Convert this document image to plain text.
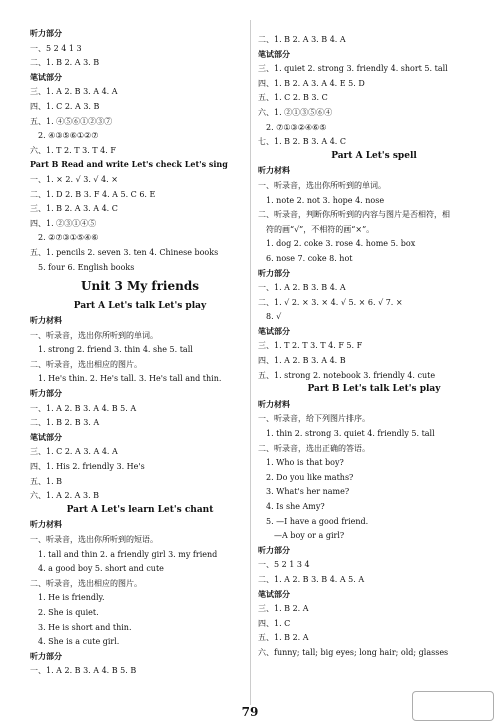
听力部分
一、5 2 4 1 3
二、1. B 2. A 3. B
笔试部分
三、1. A 2. B 3. A 4. A
四、1. C 2. A 3. B
五、1. ④⑤⑥①②③⑦
2. ④③⑤⑥①②⑦
六、1. T 2. T 3. T 4. F
Part B Read and write Let's check Let's sing
一、1. × 2. √ 3. √ 4. ×
二、1. D 2. B 3. F 4. A 5. C 6. E
三、1. B 2. A 3. A 4. C
四、1. ②③①④⑤
2. ②⑦③①⑤④⑥
五、1. pencils 2. seven 3. ten 4. Chinese books
5. four 6. English books
Unit 3 My friends
Part A Let's talk Let's play
听力材料
一、听录音，选出你所听到的单词。
1. strong 2. friend 3. thin 4. she 5. tall
二、听录音，选出相应的图片。
1. He's thin. 2. He's tall. 3. He's tall and thin.
听力部分
一、1. A 2. B 3. A 4. B 5. A
二、1. B 2. B 3. A
笔试部分
三、1. C 2. A 3. A 4. A
四、1. His 2. friendly 3. He's
五、1. B
六、1. A 2. A 3. B
Part A Let's learn Let's chant
听力材料
一、听录音，选出你所听到的短语。
1. tall and thin 2. a friendly girl 3. my friend
4. a good boy 5. short and cute
二、听录音，选出相应的图片。
1. He is friendly.
2. She is quiet.
3. He is short and thin.
4. She is a cute girl.
听力部分
一、1. A 2. B 3. A 4. B 5. B
二、1. B 2. A 3. B 4. A
笔试部分
三、1. quiet 2. strong 3. friendly 4. short 5. tall
四、1. B 2. A 3. A 4. E 5. D
五、1. C 2. B 3. C
六、1. ②①③⑤⑥④
2. ⑦①③②④⑥⑤
七、1. B 2. B 3. A 4. C
Part A Let's spell
听力材料
一、听录音，选出你所听到的单词。
1. note 2. not 3. hope 4. nose
二、听录音，判断你所听到的内容与图片是否相符，相
符的画“√”，不相符的画“×”。
1. dog 2. coke 3. rose 4. home 5. box
6. nose 7. coke 8. hot
听力部分
一、1. A 2. B 3. B 4. A
二、1. √ 2. × 3. × 4. √ 5. × 6. √ 7. ×
8. √
笔试部分
三、1. T 2. T 3. T 4. F 5. F
四、1. A 2. B 3. A 4. B
五、1. strong 2. notebook 3. friendly 4. cute
Part B Let's talk Let's play
听力材料
一、听录音，给下列图片排序。
1. thin 2. strong 3. quiet 4. friendly 5. tall
二、听录音，选出正确的答语。
1. Who is that boy?
2. Do you like maths?
3. What's her name?
4. Is she Amy?
5. —I have a good friend.
—A boy or a girl?
听力部分
一、5 2 1 3 4
二、1. A 2. B 3. B 4. A 5. A
笔试部分
三、1. B 2. A
四、1. C
五、1. B 2. A
六、funny; tall; big eyes; long hair; old; glasses
79
